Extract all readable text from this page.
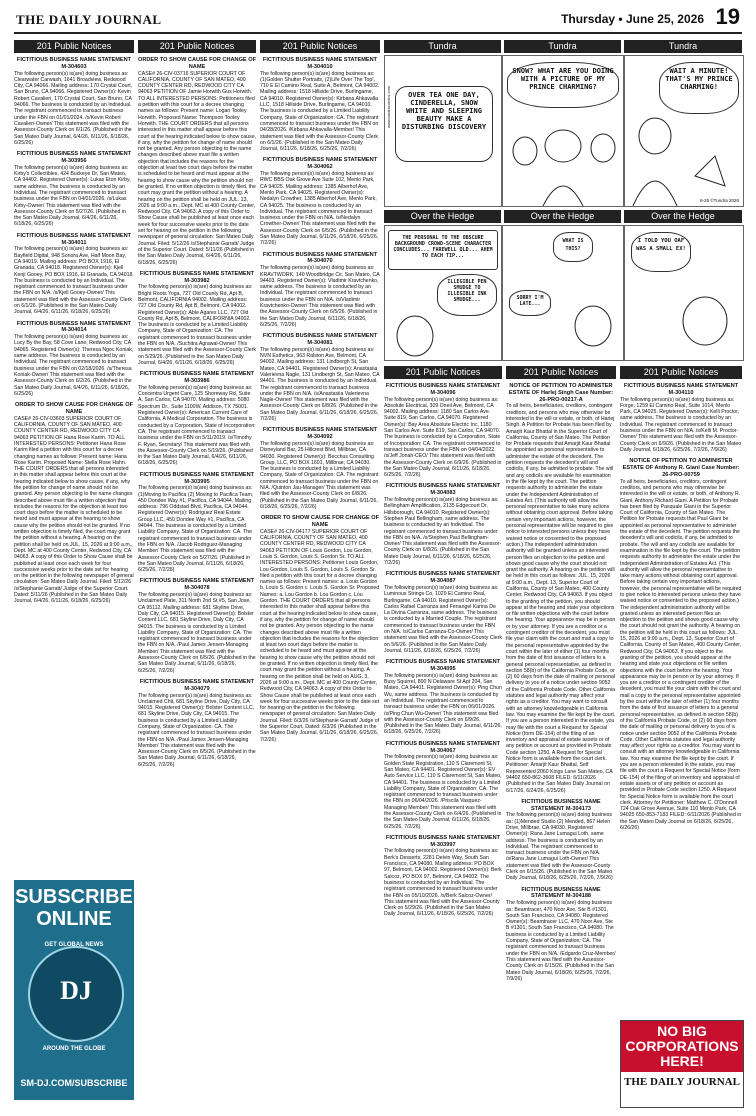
THE DAILY JOURNAL	Thursday • June 25, 2026 19
201 Public Notices
FICTITIOUS BUSINESS NAME STATEMENT M-304603

The following person(s) is(are) doing business as: Clearwater Carwash, 1641 Broadview, Redwood City, CA 94066. Mailing address: 170 Crystal Court, San Bruno, CA 94066. Registered Owner(s): Kevin Robert Cavalieri, 170 Crystal Court, San Bruno, CA 94066. The business is conducted by an Individual. The registrant commenced to transact business under the FBN on 01/01/2024. /s/Kevin Robert Cavalieri-Owner/ This statement was filed with the Assessor-County Clerk on 6/1/26. (Published in the San Mateo Daily Journal, 6/4/26, 6/11/26, 6/18/26, 6/25/26)

FICTITIOUS BUSINESS NAME STATEMENT M-303956

The following person(s) is(are) doing business as: Kirby's Collectibles, 424 Buckeye Dr, San Mateo, CA 94402. Registered Owner(s): Lukas Eton Kirby, same address. The business is conducted by an Individual. The registrant commenced to transact business under the FBN on 04/01/2026. /s/Lukas Kirby-Owner/ This statement was filed with the Assessor-County Clerk on 5/27/26. (Published in the San Mateo Daily Journal, 6/4/26, 6/11/26, 6/18/26, 6/25/26)

FICTITIOUS BUSINESS NAME STATEMENT M-304011

The following person(s) is(are) doing business as: Bayfield Digital, 948 Sonora Ave, Half Moon Bay, CA 94019. Mailing address: PO BOX 1916, El Granada, CA 94018. Registered Owner(s): Kjell Kenji Gooey, PO BOX 1916, El Granada, CA 94018. The business is conducted by an Individual. The registrant commenced to transact business under the FBN on N/A. /s/Kjell Gooey-Owner/ This statement was filed with the Assessor-County Clerk on 6/1/26. (Published in the San Mateo Daily Journal, 6/4/26, 6/11/26, 6/18/26, 6/25/26)

FICTITIOUS BUSINESS NAME STATEMENT M-304014

The following person(s) is(are) doing business as: Lucy By the Bay, 58 Cove Lane, Redwood City, CA 94065. Registered Owner(s): Theresa Ngoc Koniak, same address. The business is conducted by an Individual. The registrant commenced to transact business under the FBN on 02/18/2026. /s/Theresa Koniak-Owner/ This statement was filed with the Assessor-County Clerk on 6/2/26. (Published in the San Mateo Daily Journal, 6/4/26, 6/11/26, 6/18/26, 6/25/26)

ORDER TO SHOW CAUSE FOR CHANGE OF NAME

CASE# 26-CIV-03603 SUPERIOR COURT OF CALIFORNIA, COUNTY OF SAN MATEO, 400 COUNTY CENTER RD, REDWOOD CITY CA 94063 PETITION OF Hana Rose Karim. TO ALL INTERESTED PERSONS: Petitioner Hana Rose Karim filed a petition with this court for a decree changing names as follows: Present name: Hana Rose Karim. Proposed Name: Stella Rose Hahn. THE COURT ORDERS that all persons interested in this matter shall appear before this court at the hearing indicated below to show cause, if any, why the petition for change of name should not be granted. Any person objecting to the name changes described above must file a written objection that includes the reasons for the objection at least two court days before the matter is scheduled to be heard and must appear at the hearing to show cause why the petition should not be granted. If no written objection is timely filed, the court may grant the petition without a hearing. A hearing on the petition shall be held on JUL. 15, 2026 at 9:00 a.m., Dept. MC at 400 County Center, Redwood City, CA 94063. A copy of this Order to Show Cause shall be published at least once each week for four successive weeks prior to the date set for hearing on the petition in the following newspaper of general circulation: San Mateo Daily Journal. Filed: 5/12/26 /s/Stephanie Garratt/ Judge of the Superior Court. Dated: 5/11/26 (Published in the San Mateo Daily Journal, 6/4/26, 6/11/26, 6/18/26, 6/25/26)

SUBSCRIBE
ONLINE
GET GLOBAL NEWS
DJ
AROUND THE GLOBE
SM-DJ.COM/SUBSCRIBE
201 Public Notices
ORDER TO SHOW CAUSE FOR CHANGE OF NAME

CASE# 26-CIV-03716 SUPERIOR COURT OF CALIFORNIA, COUNTY OF SAN MATEO, 400 COUNTY CENTER RD, REDWOOD CITY CA 94063 PETITION OF Jamie Horwith Gus Horwith. TO ALL INTERESTED PERSONS: Petitioners filed a petition with this court for a decree changing names as follows: Present name: Logan Tooley Horwith. Proposed Name: Thompson Tooley Horwith. THE COURT ORDERS that all persons interested in this matter shall appear before this court at the hearing indicated below to show cause, if any, why the petition for change of name should not be granted. Any person objecting to the name changes described above must file a written objection that includes the reasons for the objection at least two court days before the matter is scheduled to be heard and must appear at the hearing to show cause why the petition should not be granted. If no written objection is timely filed, the court may grant the petition without a hearing. A hearing on the petition shall be held on JUL. 13, 2026 at 9:00 a.m., Dept. MC at 400 County Center, Redwood City, CA 94063. A copy of this Order to Show Cause shall be published at least once each week for four successive weeks prior to the date set for hearing on the petition in the following newspaper of general circulation: San Mateo Daily Journal. Filed: 5/12/26 /s/Stephanie Garratt/ Judge of the Superior Court. Dated: 5/11/26 (Published in the San Mateo Daily Journal, 6/4/26, 6/11/26, 6/18/26, 6/25/26)

FICTITIOUS BUSINESS NAME STATEMENT M-303982

The following person(s) is(are) doing business as: Bright Roots Yoga, 727 Old County Rd, Apt B, Belmont, CALIFORNIA 94002. Mailing address: 727 Old County Rd, Apt B, Belmont, CA 94002. Registered Owner(s): Able Agares LLC, 727 Old County Rd, Apt B, Belmont, CALIFORNIA 94002. The business is conducted by a Limited Liability Company, State of Organization: CA. The registrant commenced to transact business under the FBN on N/A. /Suchitra Agrawal-Owner/ This statement was filed with the Assessor-County Clerk on 5/29/26. (Published in the San Mateo Daily Journal, 6/4/26, 6/11/26, 6/18/26, 6/25/26)

FICTITIOUS BUSINESS NAME STATEMENT M-303986

The following person(s) is(are) doing business as: Concentra Urgent Care, 125 Shoreway Rd, Suite A, San Carlos, CA 94070. Mailing address: 5080 Spectrum Dr., Suite 1100W, Addison, TX 75001. Registered Owner(s): American Current Care of California, A Medical Corporation. The business is conducted by a Corporation, State of Incorporation: CA. The registrant commenced to transact business under the FBN on 5/11/2019. /s/Timothy F. Ryan, Secretary/ This statement was filed with the Assessor-County Clerk on 5/19/26. (Published in the San Mateo Daily Journal, 6/4/26, 6/11/26, 6/18/26, 6/25/26)

FICTITIOUS BUSINESS NAME STATEMENT M-303995

The following person(s) is(are) doing business as: (1)Moving to Pacifica (2) Moving to Pacifica Team, 450 Dondee Way #1, Pacifica, CA 94044. Mailing address: 796 Oddstad Blvd, Pacifica, CA 94044. Registered Owner(s): Rodriguez Real Estate Group LLC, 450 Dondee Way #1, Pacifica, CA 94044. The business is conducted by a Limited Liability Company, State of Organization: CA. The registrant commenced to transact business under the FBN on N/A. /Jacob Rodriguez-Managing Member/ This statement was filed with the Assessor-County Clerk on 5/27/26. (Published in the San Mateo Daily Journal, 6/11/26, 6/18/26, 6/25/26, 7/2/26)

FICTITIOUS BUSINESS NAME STATEMENT M-304078

The following person(s) is(are) doing business as: Unclaimed Plate, 311 North 2nd St #5, San Jose, CA 95112. Mailing address: 681 Skyline Drive, Daly City, CA 94015. Registered Owner(s): Bolster Content LLC, 681 Skyline Drive, Daly City, CA 94015. The business is conducted by a Limited Liability Company, State of Organization: CA. The registrant commenced to transact business under the FBN on N/A. /Paul James Jensen-Managing Member/ This statement was filed with the Assessor-County Clerk on 6/5/26. (Published in the San Mateo Daily Journal, 6/11/26, 6/18/26, 6/25/26, 7/2/26)

FICTITIOUS BUSINESS NAME STATEMENT M-304079

The following person(s) is(are) doing business as: Unclaimed Chit, 681 Skyline Drive, Daly City, CA 94015. Registered Owner(s): Bolster Content LLC, 681 Skyline Drive, Daly City, CA 94015. The business is conducted by a Limited Liability Company, State of Organization: CA. The registrant commenced to transact business under the FBN on N/A. /Paul James Jensen-Managing Member/ This statement was filed with the Assessor-County Clerk on 6/5/26. (Published in the San Mateo Daily Journal, 6/11/26, 6/18/26, 6/25/26, 7/2/26)

201 Public Notices
FICTITIOUS BUSINESS NAME STATEMENT M-304010

The following person(s) is(are) doing business as: (1)Golden Shutter Portraits, (2)Life Over The Top!, 710 E El Camino Real, Suite A, Belmont, CA 94002. Mailing address: 1518 Hillside Drive, Burlingame, CA 94010. Registered Owner(s): Kirbana Ahkavalla LLC, 1518 Hillside Drive, Burlingame, CA 94010. The business is conducted by a Limited Liability Company, State of Organization: CA. The registrant commenced to transact business under the FBN on 04/28/2026. /Kirbana Ahkavalla-Member/ This statement was filed with the Assessor-County Clerk on 6/1/26. (Published in the San Mateo Daily Journal, 6/11/26, 6/18/26, 6/25/26, 7/2/26)

FICTITIOUS BUSINESS NAME STATEMENT M-304062

The following person(s) is(are) doing business as: RWC BBS Oak Grove Ave Suite 102, Menlo Park, CA 94025. Mailing address: 1385 Alberhof Ave, Menlo Park, CA 94025. Registered Owner(s): Nedalyn Crowther, 1385 Alberhof Ave, Menlo Park, CA 94025. The business is conducted by an Individual. The registrant commenced to transact business under the FBN on N/A. /s/Nedalyn Crowther-Owner/ This statement was filed with the Assessor-County Clerk on 6/5/26. (Published in the San Mateo Daily Journal, 6/11/26, 6/18/26, 6/25/26, 7/2/26)

FICTITIOUS BUSINESS NAME STATEMENT M-304070

The following person(s) is(are) doing business as: KRAVTWORK, 140 Woodbridge Cir, San Mateo, CA 94403. Registered Owner(s): Vladimir Kravtchenko, same address. The business is conducted by an Individual. The registrant commenced to transact business under the FBN on N/A. /s/Vladimir Kravtchenko-Owner/ This statement was filed with the Assessor-County Clerk on 6/5/26. (Published in the San Mateo Daily Journal, 6/11/26, 6/18/26, 6/25/26, 7/2/26)

FICTITIOUS BUSINESS NAME STATEMENT M-304081

The following person(s) is(are) doing business as: NVN Esthetics, 963 Ralston Ave, Belmont, CA 94002. Mailing address: 131 Lindbergh St, San Mateo, CA 94401. Registered Owner(s): Anastasiia Valerievna Nagle, 131 Lindbergh St, San Mateo, CA 94401. The business is conducted by an Individual. The registrant commenced to transact business under the FBN on N/A. /s/Anastasiia Valerievna Nagle-Owner/ This statement was filed with the Assessor-County Clerk on 6/8/26. (Published in the San Mateo Daily Journal, 6/11/26, 6/18/26, 6/25/26, 7/2/26)

FICTITIOUS BUSINESS NAME STATEMENT M-304092

The following person(s) is(are) doing business as: Disneyland Bar, 25 Hillcrest Blvd, Millbrae, CA 94030. Registered Owner(s): Becchus Consulting Group, LLC, PO BOX 1601, Millbrae, CA 94030. The business is conducted by a Limited Liability Company, State of Organization: CA. The registrant commenced to transact business under the FBN on N/A. /Quinton Jau-Manager/ This statement was filed with the Assessor-County Clerk on 6/8/26. (Published in the San Mateo Daily Journal, 6/11/26, 6/18/26, 6/25/26, 7/2/26)

ORDER TO SHOW CAUSE FOR CHANGE OF NAME

CASE# 26-CIV-04177 SUPERIOR COURT OF CALIFORNIA, COUNTY OF SAN MATEO, 400 COUNTY CENTER RD, REDWOOD CITY CA 94063 PETITION OF Louis Gordon, Lou Gordon, Louis S. Gordon, Louis S. Gordon Sr. TO ALL INTERESTED PERSONS: Petitioner Louis Gordon, Lou Gordon, Louis S. Gordon, Louis S. Gordon Sr. filed a petition with this court for a decree changing names as follows: Present names: a. Louis Gordon b. Louis S. Gordon c. Louis S. Gordon Sr. Proposed Names: a. Lou Gordon b. Lou Gordon c. Lou Gordon. THE COURT ORDERS that all persons interested in this matter shall appear before this court at the hearing indicated below to show cause, if any, why the petition for change of name should not be granted. Any person objecting to the name changes described above must file a written objection that includes the reasons for the objection at least two court days before the matter is scheduled to be heard and must appear at the hearing to show cause why the petition should not be granted. If no written objection is timely filed, the court may grant the petition without a hearing. A hearing on the petition shall be held on AUG. 3, 2026 at 9:00 a.m., Dept. MC at 400 County Center, Redwood City, CA 94063. A copy of this Order to Show Cause shall be published at least once each week for four successive weeks prior to the date set for hearing on the petition in the following newspaper of general circulation: San Mateo Daily Journal. Filed: 6/3/26 /s/Stephanie Garratt/ Judge of the Superior Court. Dated: 6/3/26 (Published in the San Mateo Daily Journal, 6/11/26, 6/18/26, 6/25/26, 7/2/26)

Tundra	Tundra	Tundra
OVER TEA ONE DAY, CINDERELLA, SNOW WHITE AND SLEEPING BEAUTY MAKE A DISTURBING DISCOVERY
www.tundracomics.com
SNOW? WHAT ARE YOU DOING WITH A PICTURE OF MY PRINCE CHARMING?
WAIT A MINUTE! THAT'S MY PRINCE CHARMING!
6-25 ©Tundra 2026
Over the Hedge	Over the Hedge	Over the Hedge
THE PERSONAL TO THE OBSCURE BACKGROUND CROWD-SCENE CHARACTER CONCLUDES... FAREWELL OLD... AHEM TO EACH TIP...
ILLEGIBLE PEN SMUDGE TO ILLEGIBLE INK SMUDGE...
WHAT IS THIS?
SORRY I'M LATE...
I TOLD YOU OAF WAS A SMALL EX!
201 Public Notices
FICTITIOUS BUSINESS NAME STATEMENT M-304096

The following person(s) is(are) doing business as: Absolute Electrical, 309 Oneil Ave, Belmont, CA 94002. Mailing address: 1180 San Carlos Ave. Suite 819, San Carlos, CA 94070. Registered Owner(s): Bay Area Absolute Electric Inc, 1180 San Carlos Ave. Suite 819, San Carlos, CA 94070. The business is conducted by a Corporation, State of Incorporation: CA. The registrant commenced to transact business under the FBN on 04/04/2022. /s/Jeff Jonah-CEO/ This statement was filed with the Assessor-County Clerk on 6/9/26. (Published in the San Mateo Daily Journal, 6/11/26, 6/18/26, 6/25/26, 7/2/26)

FICTITIOUS BUSINESS NAME STATEMENT M-304083

The following person(s) is(are) doing business as: Bellingham Amplification, 2135 Edgecourt Dr, Hillsborough, CA 94010. Registered Owner(s): Stephen Paul Bellingham, same address. The business is conducted by an Individual. The registrant commenced to transact business under the FBN on N/A. /s/Stephen Paul Bellingham-Owner/ This statement was filed with the Assessor-County Clerk on 6/8/26. (Published in the San Mateo Daily Journal, 6/11/26, 6/18/26, 6/25/26, 7/2/26)

FICTITIOUS BUSINESS NAME STATEMENT M-304087

The following person(s) is(are) doing business as: Luminous Strings Co, 1029 El Camino Real, Burlingame, CA 94010. Registered Owner(s): Carlos Rafael Carranza and Fenangel Karina De La Divina Carranza, same address. The business is conducted by a Married Couple. The registrant commenced to transact business under the FBN on N/A. /s/Carlos Carranza-Co-Owner/ This statement was filed with the Assessor-County Clerk on 5/6/26. (Published in the San Mateo Daily Journal, 6/11/26, 6/18/26, 6/25/26, 7/2/26)

FICTITIOUS BUSINESS NAME STATEMENT M-304095

The following person(s) is(are) doing business as: Busy Squirrel, 800 N Delaware St Apt 204, San Mateo, CA 94401. Registered Owner(s): Ping Chun Wu, same address. The business is conducted by an Individual. The registrant commenced to transact business under the FBN on 06/01/2026. /s/Ping Chun Wu-Owner/ This statement was filed with the Assessor-County Clerk on 6/9/26. (Published in the San Mateo Daily Journal, 6/11/26, 6/18/26, 6/25/26, 7/2/26)

FICTITIOUS BUSINESS NAME STATEMENT M-304067

The following person(s) is(are) doing business as: Golden State Registration, 110 S Claremont St, San Mateo, CA 94401. Registered Owner(s): EV Auto Service LLC, 110 S Claremont St, San Mateo, CA 94401. The business is conducted by a Limited Liability Company, State of Organization: CA. The registrant commenced to transact business under the FBN on 06/04/2026. /Priscila Vasquez-Managing Member/ This statement was filed with the Assessor-County Clerk on 6/4/26. (Published in the San Mateo Daily Journal, 6/11/26, 6/18/26, 6/25/26, 7/2/26)

FICTITIOUS BUSINESS NAME STATEMENT M-303997

The following person(s) is(are) doing business as: Berk's Desserts, 2281 Delvin Way, South San Francisco, CA 94080. Mailing address: PO BOX 97, Belmont, CA 94002. Registered Owner(s): Berk Salcoz, PO BOX 97, Belmont, CA 94002. The business is conducted by an Individual. The registrant commenced to transact business under the FBN on 05/10/2026. /s/Berk Salcoz-Owner/ This statement was filed with the Assessor-County Clerk on 5/29/26. (Published in the San Mateo Daily Journal, 6/11/26, 6/18/26, 6/25/26, 7/2/26)

201 Public Notices
NOTICE OF PETITION TO ADMINISTER ESTATE OF Harlej Singh Case Number: 26-PRO-00217-A

To all heirs, beneficiaries, creditors, contingent creditors, and persons who may otherwise be interested in the will or estate, or both, of Harlej Singh. A Petition for Probate has been filed by Amarjit Kaur Bhattal in the Superior Court of California, County of San Mateo. The Petition for Probate requests that Amarjit Kaur Bhattal be appointed as personal representative to administer the estate of the decedent. The petition requests the decedent's will and codicils, if any, be admitted to probate. The will and any codicils are available for examination in the file kept by the court. The petition requests authority to administer the estate under the Independent Administration of Estates Act. (This authority will allow the personal representative to take many actions without obtaining court approval. Before taking certain very important actions, however, the personal representative will be required to give notice to interested persons unless they have waived notice or consented to the proposed action.) The independent administration authority will be granted unless an interested person files an objection to the petition and shows good cause why the court should not grant the authority. A hearing on the petition will be held in this court as follows: JUL. 15, 2026 at 9:00 a.m., Dept. 13, Superior Court of California, County of San Mateo, 400 County Center, Redwood City, CA 94063. If you object to the granting of the petition, you should appear at the hearing and state your objections or file written objections with the court before the hearing. Your appearance may be in person or by your attorney. If you are a creditor or a contingent creditor of the decedent, you must file your claim with the court and mail a copy to the personal representative appointed by the court within the later of either (1) four months from the date of first issuance of letters to a general personal representative, as defined in section 58(b) of the California Probate Code, or (2) 60 days from the date of mailing or personal delivery to you of a notice under section 9052 of the California Probate Code. Other California statutes and legal authority may affect your rights as a creditor. You may want to consult with an attorney knowledgeable in California law. You may examine the file kept by the court. If you are a person interested in the estate, you may file with the court a Request for Special Notice (form DE-154) of the filing of an inventory and appraisal of estate assets or of any petition or account as provided in Probate Code section 1250. A Request for Special Notice form is available from the court clerk. Petitioner: Amarjit Kaur Bhattal, Self Represented 2060 Kings Lane San Mateo, CA 94402 650-862-3608 FILED: 6/11/2026 (Published in the San Mateo Daily Journal on 6/17/26, 6/24/26, 6/25/26)

FICTITIOUS BUSINESS NAME STATEMENT M-304173

The following person(s) is(are) doing business as: (1)Mended Studio (2) Mended, 867 Helen Drive, Millbrae, CA 94030. Registered Owner(s): Rana Jane Lumagui Loth, same address. The business is conducted by an Individual. The registrant commenced to transact business under the FBN on N/A. /s/Rana Jane Lumagui Loth-Owner/ This statement was filed with the Assessor-County Clerk on 6/15/26. (Published in the San Mateo Daily Journal, 6/18/26, 6/25/26, 7/2/26, 7/9/26)

FICTITIOUS BUSINESS NAME STATEMENT M-304188

The following person(s) is(are) doing business as: Beamtracer, 470 Noor Ave, Ste B #1301, South San Francisco, CA 94080. Registered Owner(s): Beamtracer LLC, 470 Noor Ave, Ste B #1301, South San Francisco, CA 94080. The business is conducted by a Limited Liability Company, State of Organization: CA. The registrant commenced to transact business under the FBN on N/A. /Edgardo Cruz-Member/ This statement was filed with the Assessor-County Clerk on 6/15/26. (Published in the San Mateo Daily Journal, 6/18/26, 6/25/26, 7/2/26, 7/9/26)

201 Public Notices
FICTITIOUS BUSINESS NAME STATEMENT M-304110

The following person(s) is(are) doing business as: Forge, 1259 El Camino Real, Suite 1014, Menlo Park, CA 94025. Registered Owner(s): Kelli Proctor, same address. The business is conducted by an Individual. The registrant commenced to transact business under the FBN on N/A. /s/Kelli M. Proctor-Owner/ This statement was filed with the Assessor-County Clerk on 6/9/26. (Published in the San Mateo Daily Journal, 6/18/26, 6/25/26, 7/2/26, 7/9/26)

NOTICE OF PETITION TO ADMINISTER ESTATE OF Anthony R. Giani Case Number: 26-PRO-00759

To all heirs, beneficiaries, creditors, contingent creditors, and persons who may otherwise be interested in the will or estate, or both, of Anthony R. Giani, Anthony Richard Giani. A Petition for Probate has been filed by Pasquale Giani in the Superior Court of California, County of San Mateo. The Petition for Probate requests that Paul Giani be appointed as personal representative to administer the estate of the decedent. The petition requests the decedent's will and codicils, if any, be admitted to probate. The will and any codicils are available for examination in the file kept by the court. The petition requests authority to administer the estate under the Independent Administration of Estates Act. (This authority will allow the personal representative to take many actions without obtaining court approval. Before taking certain very important actions, however, the personal representative will be required to give notice to interested persons unless they have waived notice or consented to the proposed action.) The independent administration authority will be granted unless an interested person files an objection to the petition and shows good cause why the court should not grant the authority. A hearing on the petition will be held in this court as follows: JUL. 15, 2026 at 9:00 a.m., Dept. 13, Superior Court of California, County of San Mateo, 400 County Center, Redwood City, CA 94063. If you object to the granting of the petition, you should appear at the hearing and state your objections or file written objections with the court before the hearing. Your appearance may be in person or by your attorney. If you are a creditor or a contingent creditor of the decedent, you must file your claim with the court and mail a copy to the personal representative appointed by the court within the later of either (1) four months from the date of first issuance of letters to a general personal representative, as defined in section 58(b) of the California Probate Code, or (2) 60 days from the date of mailing or personal delivery to you of a notice under section 9052 of the California Probate Code. Other California statutes and legal authority may affect your rights as a creditor. You may want to consult with an attorney knowledgeable in California law. You may examine the file kept by the court. If you are a person interested in the estate, you may file with the court a Request for Special Notice (form DE-154) of the filing of an inventory and appraisal of estate assets or of any petition or account as provided in Probate Code section 1250. A Request for Special Notice form is available from the court clerk. Attorney for Petitioner: Matthew C. O'Donnell 724 Oak Grove Avenue, Suite 110 Menlo Park, CA 94025 650-853-7183 FILED: 6/11/2026 (Published in the San Mateo Daily Journal on 6/18/26, 6/25/26, 6/26/26)

NO BIG
CORPORATIONS
HERE!
THE DAILY JOURNAL
